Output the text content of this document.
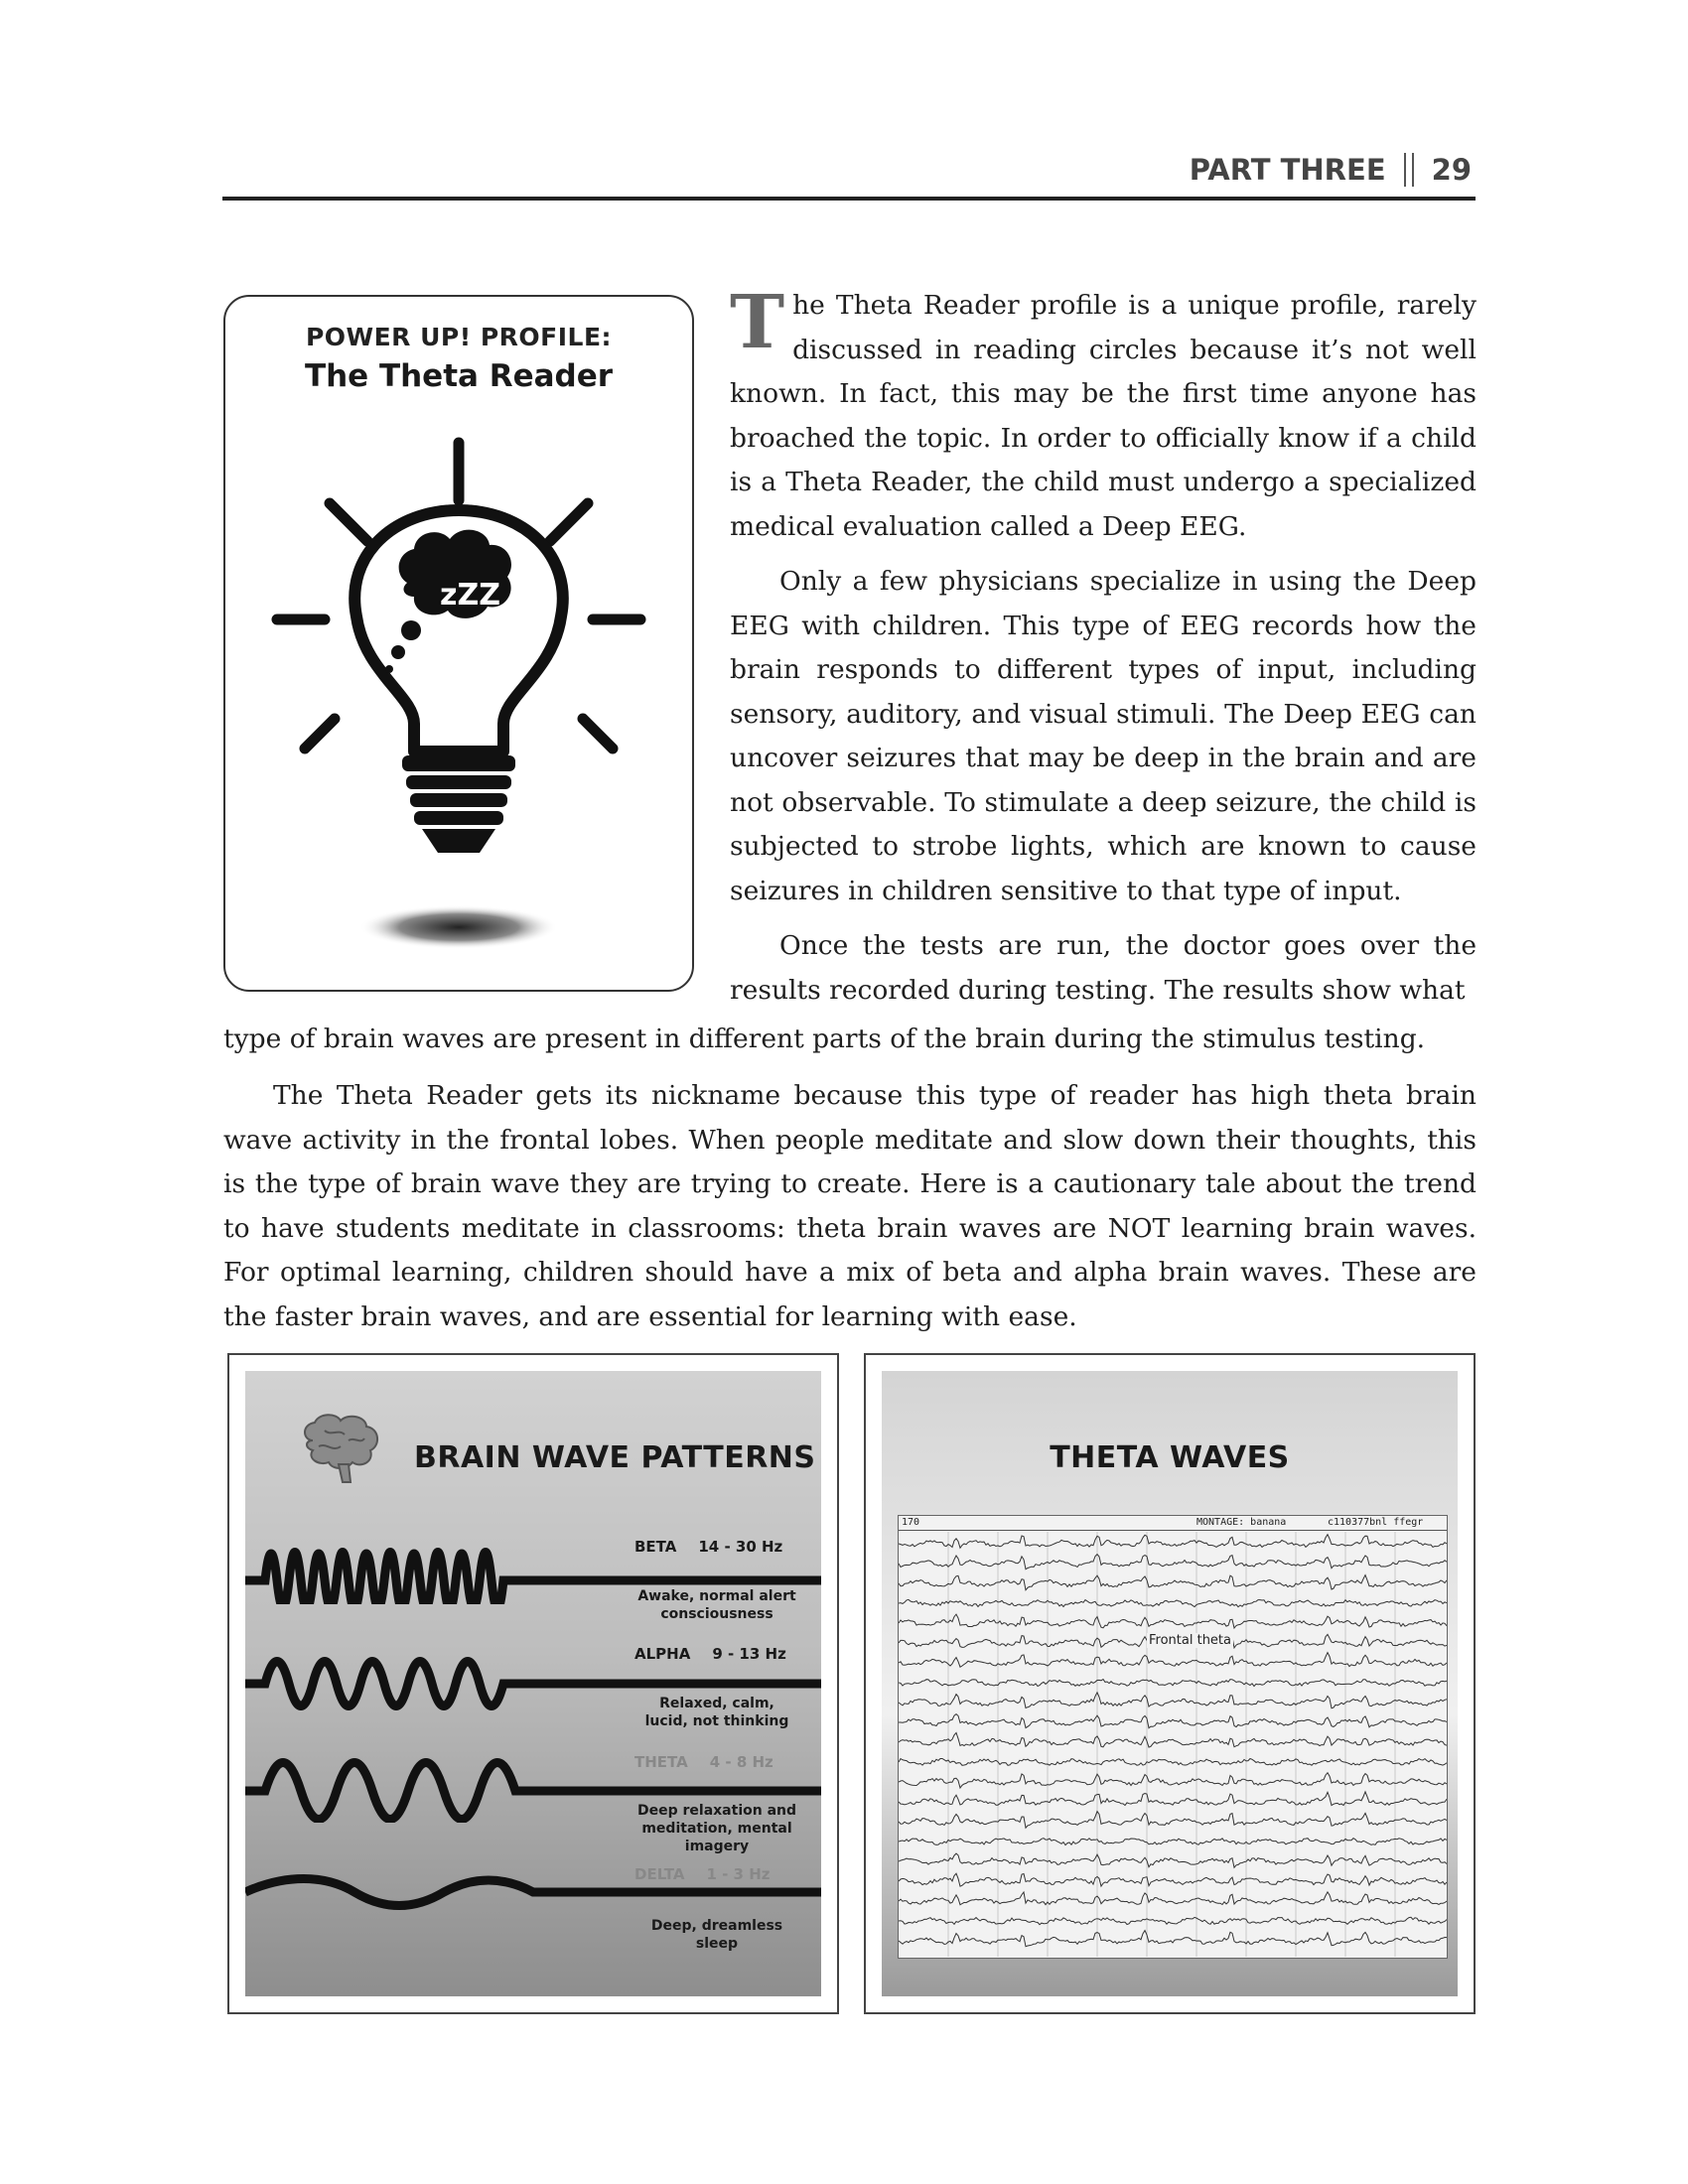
PART THREE 29
POWER UP! PROFILE:
The Theta Reader
zZZ

The Theta Reader profile is a unique profile, rarely discussed in reading circles because it’s not well known. In fact, this may be the first time anyone has broached the topic. In order to officially know if a child is a Theta Reader, the child must undergo a specialized medical evaluation called a Deep EEG.

Only a few physicians specialize in using the Deep EEG with children. This type of EEG records how the brain responds to different types of input, including sensory, auditory, and visual stimuli. The Deep EEG can uncover seizures that may be deep in the brain and are not observable. To stimulate a deep seizure, the child is subjected to strobe lights, which are known to cause seizures in children sensitive to that type of input.

Once the tests are run, the doctor goes over the results recorded during testing. The results show what

type of brain waves are present in different parts of the brain during the stimulus testing.

The Theta Reader gets its nickname because this type of reader has high theta brain wave activity in the frontal lobes. When people meditate and slow down their thoughts, this is the type of brain wave they are trying to create. Here is a cautionary tale about the trend to have students meditate in classrooms: theta brain waves are NOT learning brain waves. For optimal learning, children should have a mix of beta and alpha brain waves. These are the faster brain waves, and are essential for learning with ease.
BRAIN WAVE PATTERNS
BETA 14 - 30 Hz
Awake, normal alert consciousness
ALPHA 9 - 13 Hz
Relaxed, calm, lucid, not thinking
THETA 4 - 8 Hz
Deep relaxation and meditation, mental imagery
DELTA 1 - 3 Hz
Deep, dreamless sleep
THETA WAVES
170	MONTAGE: banana	c110377bnl ffegr
Frontal theta
